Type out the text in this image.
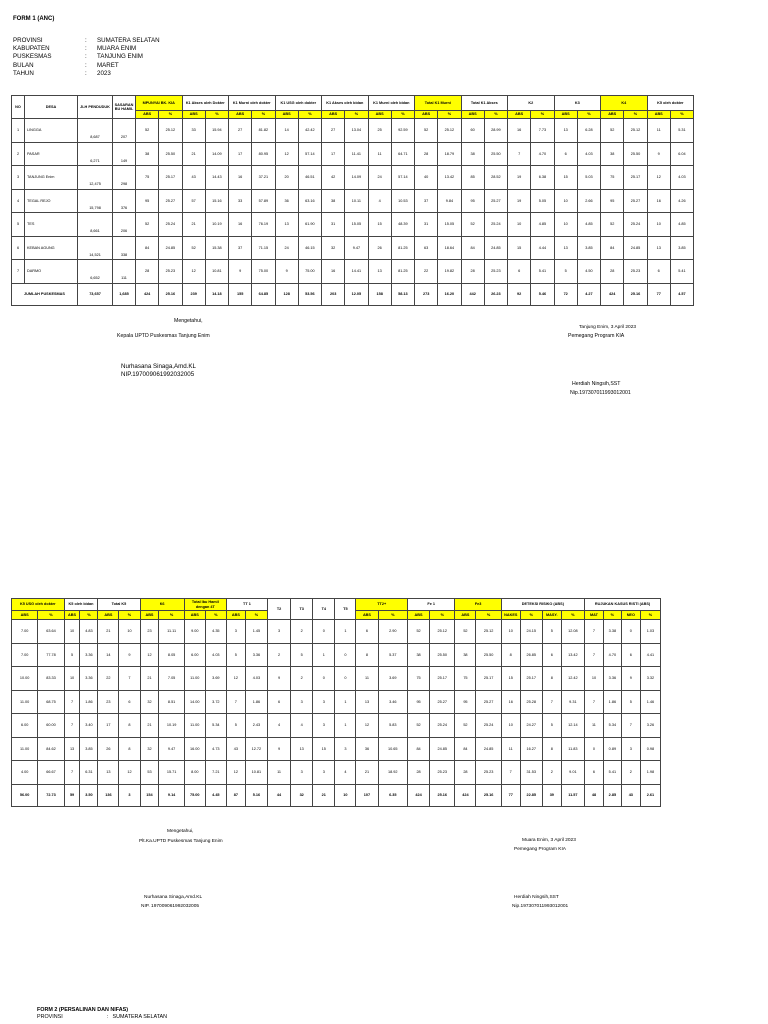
FORM 1 (ANC)
PROVINSI	:	SUMATERA SELATAN
KABUPATEN	:	MUARA ENIM
PUSKESMAS	:	TANJUNG ENIM
BULAN	:	MARET
TAHUN	:	2023
NO	DESA	JLH PENDUDUK	SASARAN BU HAMIL	MPUNYAI BK. KIA		K1 Akses oleh Dokter		K1 Murni oleh dokter		K1 USG oleh dokter		K1 Akses oleh bidan		K1 Murni oleh bidan		Total K1 Murni		Total K1 Akses		K2		K3		K4		K5 oleh dokter	
				ABS	%	ABS	%	ABS	%	ABS	%	ABS	%	ABS	%	ABS	%	ABS	%	ABS	%	ABS	%	ABS	%	ABS	%
1	LINGGA	8,687	207	52	25.12	33	15.94	27	81.82	14	42.42	27	13.04	25	92.59	52	25.12	60	28.99	16	7.73	13	6.28	52	25.12	11	5.31
2	PASAR	6,271	149	38	25.50	21	14.09	17	80.95	12	57.14	17	11.41	11	64.71	28	18.79	38	25.50	7	4.70	6	4.03	38	25.50	9	6.04
3	TANJUNG Enim	12,475	298	75	25.17	43	14.43	16	37.21	20	46.51	42	14.09	24	57.14	40	13.42	85	28.52	19	6.38	15	5.03	75	25.17	12	4.03
4	TEGAL REJO	15,798	376	95	25.27	57	15.16	33	57.89	36	63.16	38	10.11	4	10.53	37	9.84	95	25.27	19	5.05	10	2.66	95	25.27	16	4.26
5	TES	8,661	206	52	25.24	21	10.19	16	76.19	13	61.90	31	15.05	15	48.39	31	15.05	52	25.24	10	4.85	10	4.85	52	25.24	10	4.85
6	KEBAN AGUNG	14,521	338	84	24.85	52	15.38	37	71.15	24	46.15	32	9.47	26	81.25	63	18.64	84	24.85	15	4.44	13	3.85	84	24.85	13	3.85
7	DARMO	6,652	111	28	25.23	12	10.81	9	75.00	9	75.00	16	14.41	13	81.25	22	19.82	28	25.23	6	5.41	5	4.50	28	25.23	6	5.41
JUMLAH PUSKESMAS		73,657	1,685	424	25.16	239	14.18	155	64.85	128	53.56	203	12.05	158	58.13	273	16.20	442	26.23	92	5.46	72	4.27	424	25.16	77	4.57
Mengetahui,
Kepala UPTD Puskesmas Tanjung Enim
Nurhasana Sinaga,Amd.KL
NIP.197009061992032005
Tanjung Enim, 3 April 2023
Pemegang Program KIA
Herdiah Ningsih,SST
Nip.197307011993012001
K5 USG oleh dokter		K5 oleh bidan		Total K5		K6		Total Ibu Hamil dengan 4T		TT 1		T2	T3	T4	T5	TT2+		Fe 1		Fe3		DETEKSI RISIKO (ABS)				RUJUKAN KASUS RISTI (ABS)			
ABS	%	ABS	%	ABS	%	ABS	%	ABS	%	ABS	%					ABS	%	ABS	%	ABS	%	NAKES	%	MASY.	%	MAT	%	NEO	%
7.00	63.64	10	4.83	21	10	23	11.11	9.00	4.35	3	1.45	3	2	0	1	6	2.90	52	25.12	52	25.12	10	24.15	5	12.08	7	3.38	0	1.03
7.00	77.78	5	3.36	14	9	12	8.05	6.00	4.03	5	3.36	2	5	1	0	8	5.37	38	25.50	38	25.50	8	26.85	6	13.42	7	4.70	6	4.41
10.00	83.33	10	3.36	22	7	21	7.05	11.00	3.69	12	4.03	9	2	0	0	11	3.69	75	25.17	75	25.17	15	25.17	8	12.42	10	3.36	9	3.32
11.00	68.75	7	1.86	23	6	32	8.51	14.00	3.72	7	1.86	6	3	3	1	13	3.46	95	25.27	95	25.27	16	25.28	7	9.31	7	1.86	5	1.46
6.00	60.00	7	3.40	17	8	21	10.19	11.00	5.34	5	2.43	4	4	3	1	12	5.83	52	25.24	52	25.24	10	24.27	5	12.14	11	5.34	7	3.26
11.00	84.62	13	3.85	26	8	32	9.47	16.00	4.73	43	12.72	9	13	15	3	36	10.65	84	24.85	84	24.85	11	16.27	8	11.83	0	0.89	3	0.98
4.00	66.67	7	6.31	13	12	53	15.71	8.00	7.21	12	10.81	11	3	3	4	21	18.92	28	25.23	28	25.23	7	31.53	2	9.01	6	5.41	2	1.98
56.00	72.73	59	3.50	136	3	154	9.14	75.00	4.45	87	5.16	44	32	21	10	107	6.35	424	25.16	424	25.16	77	22.85	39	11.57	48	2.85	43	2.61
Mengetahui,
Plt.Ka.UPTD Puskesmas Tanjung Enim
Nurhasana Sinaga,Amd.KL
NIP. 197009061992032005
Muara Enim, 3 April 2023
Pemegang Program KIA
Herdiah Ningsih,SST
Nip.197307011993012001
FORM 2 (PERSALINAN DAN NIFAS)
PROVINSI	: SUMATERA SELATAN
